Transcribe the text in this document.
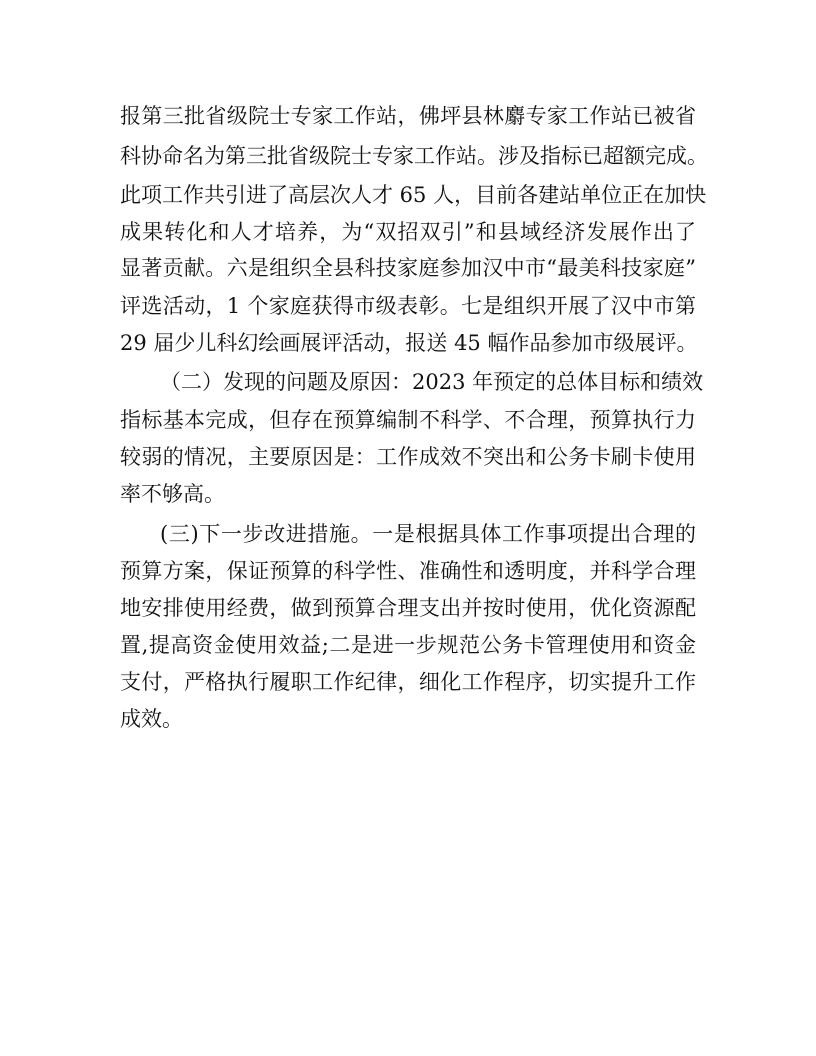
报第三批省级院士专家工作站，佛坪县林麝专家工作站已被省
科协命名为第三批省级院士专家工作站。涉及指标已超额完成。
此项工作共引进了高层次人才 65 人，目前各建站单位正在加快
成果转化和人才培养，为“双招双引”和县域经济发展作出了
显著贡献。六是组织全县科技家庭参加汉中市“最美科技家庭”
评选活动，1 个家庭获得市级表彰。七是组织开展了汉中市第
29 届少儿科幻绘画展评活动，报送 45 幅作品参加市级展评。
（二）发现的问题及原因：2023 年预定的总体目标和绩效
指标基本完成，但存在预算编制不科学、不合理，预算执行力
较弱的情况，主要原因是：工作成效不突出和公务卡刷卡使用
率不够高。
(三)下一步改进措施。一是根据具体工作事项提出合理的
预算方案，保证预算的科学性、准确性和透明度，并科学合理
地安排使用经费，做到预算合理支出并按时使用，优化资源配
置,提高资金使用效益;二是进一步规范公务卡管理使用和资金
支付，严格执行履职工作纪律，细化工作程序，切实提升工作
成效。
